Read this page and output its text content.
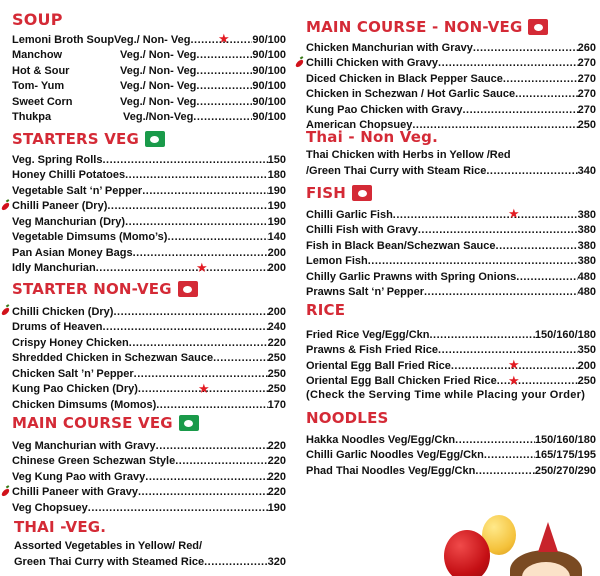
SOUP
Lemoni Broth Soup Veg./ Non- Veg ..... ★ 90/100
Manchow	Veg./ Non- Veg .....	90/100
Hot & Sour	Veg./ Non- Veg .....	90/100
Tom- Yum	Veg./ Non- Veg .....	90/100
Sweet Corn	Veg./ Non- Veg .....	90/100
Thukpa	Veg./Non-Veg .....	90/100
STARTERS VEG
Veg. Spring Rolls .....	150
Honey Chilli Potatoes .....	180
Vegetable Salt ‘n’ Pepper .....	190
Chilli Paneer (Dry) .....	190
Veg Manchurian (Dry) .....	190
Vegetable Dimsums (Momo’s) .....	140
Pan Asian Money Bags .....	200
Idly Manchurian .....	★	200
STARTER NON-VEG
Chilli Chicken (Dry) .....	200
Drums of Heaven .....	240
Crispy Honey Chicken .....	220
Shredded Chicken in Schezwan Sauce .....	250
Chicken Salt ’n’ Pepper .....	250
Kung Pao Chicken (Dry) .....	★	250
Chicken Dimsums (Momos) .....	170
MAIN COURSE VEG
Veg Manchurian with Gravy .....	220
Chinese Green Schezwan Style .....	220
Veg Kung Pao with Gravy .....	220
Chilli Paneer with Gravy .....	220
Veg Chopsuey .....	190
THAI -VEG.
Assorted Vegetables in Yellow/ Red/
Green Thai Curry with Steamed Rice .....	320
MAIN COURSE - NON-VEG
Chicken Manchurian with Gravy .....	260
Chilli Chicken with Gravy .....	270
Diced Chicken in Black Pepper Sauce .....	270
Chicken in Schezwan / Hot Garlic Sauce .....	270
Kung Pao Chicken with Gravy .....	270
American Chopsuey .....	250
Thai - Non Veg.
Thai Chicken with Herbs in Yellow /Red
/Green Thai Curry with Steam Rice .....	340
FISH
Chilli Garlic Fish .....	★	380
Chilli Fish with Gravy .....	380
Fish in Black Bean/Schezwan Sauce .....	380
Lemon Fish .....	380
Chilly Garlic Prawns with Spring Onions .....	480
Prawns Salt ‘n’ Pepper .....	480
RICE
Fried Rice Veg/Egg/Ckn .....	150/160/180
Prawns & Fish Fried Rice .....	350
Oriental Egg Ball Fried Rice .....	★	200
Oriental Egg Ball Chicken Fried Rice ..... ★	250
(Check the Serving Time while Placing your Order)
NOODLES
Hakka Noodles Veg/Egg/Ckn .....	150/160/180
Chilli Garlic Noodles Veg/Egg/Ckn .....	165/175/195
Phad Thai Noodles Veg/Egg/Ckn .....	250/270/290
